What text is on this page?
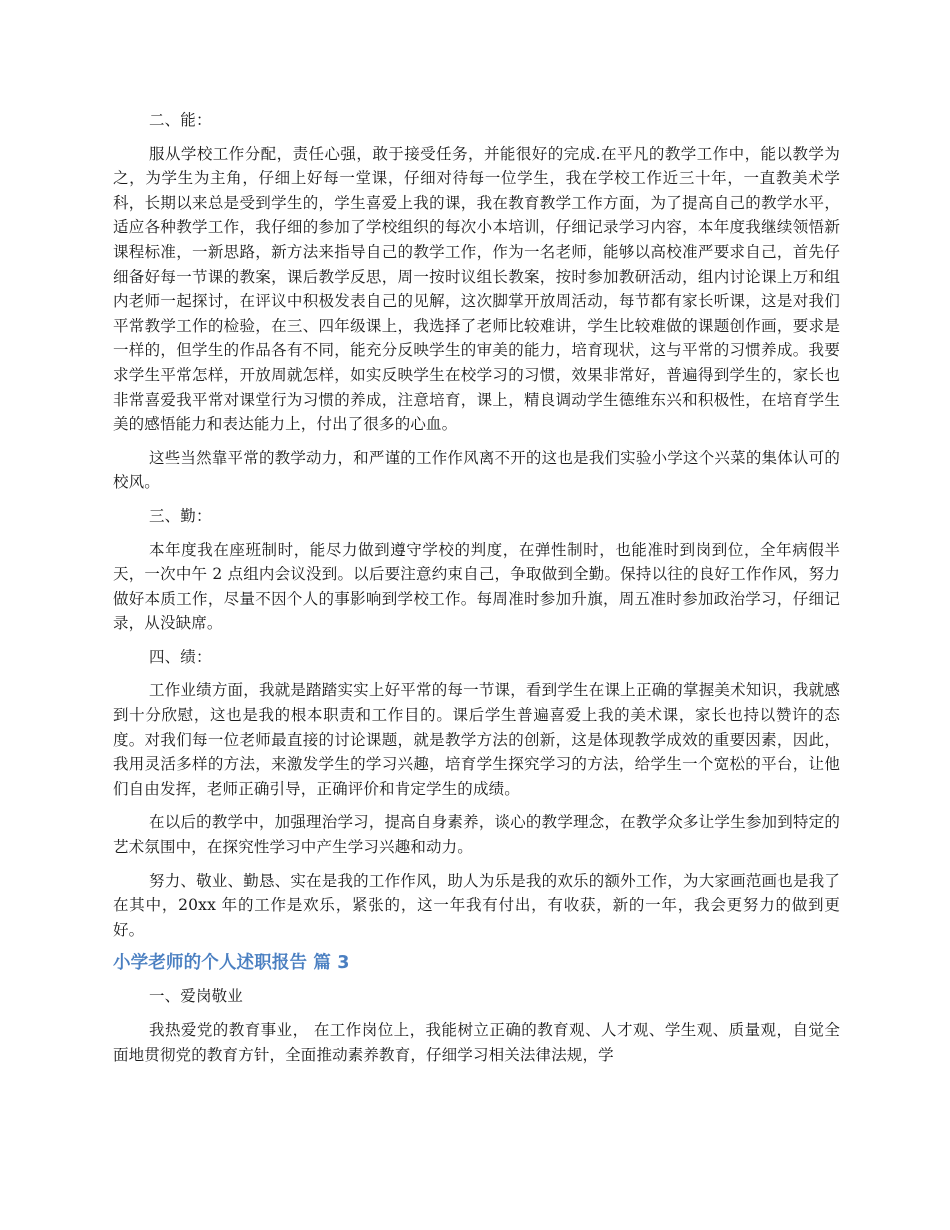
二、能：

服从学校工作分配，责任心强，敢于接受任务，并能很好的完成.在平凡的教学工作中，能以教学为之，为学生为主角，仔细上好每一堂课，仔细对待每一位学生，我在学校工作近三十年，一直教美术学科，长期以来总是受到学生的，学生喜爱上我的课，我在教育教学工作方面，为了提高自己的教学水平，适应各种教学工作，我仔细的参加了学校组织的每次小本培训，仔细记录学习内容，本年度我继续领悟新课程标准，一新思路，新方法来指导自己的教学工作，作为一名老师，能够以高校准严要求自己，首先仔细备好每一节课的教案，课后教学反思，周一按时议组长教案，按时参加教研活动，组内讨论课上万和组内老师一起探讨，在评议中积极发表自己的见解，这次脚掌开放周活动，每节都有家长听课，这是对我们平常教学工作的检验，在三、四年级课上，我选择了老师比较难讲，学生比较难做的课题创作画，要求是一样的，但学生的作品各有不同，能充分反映学生的审美的能力，培育现状，这与平常的习惯养成。我要求学生平常怎样，开放周就怎样，如实反映学生在校学习的习惯，效果非常好，普遍得到学生的，家长也非常喜爱我平常对课堂行为习惯的养成，注意培育，课上，精良调动学生德维东兴和积极性，在培育学生美的感悟能力和表达能力上，付出了很多的心血。

这些当然靠平常的教学动力，和严谨的工作作风离不开的这也是我们实验小学这个兴菜的集体认可的校风。

三、勤：

本年度我在座班制时，能尽力做到遵守学校的判度，在弹性制时，也能准时到岗到位，全年病假半天，一次中午 2 点组内会议没到。以后要注意约束自己，争取做到全勤。保持以往的良好工作作风，努力做好本质工作，尽量不因个人的事影响到学校工作。每周准时参加升旗，周五准时参加政治学习，仔细记录，从没缺席。

四、绩：

工作业绩方面，我就是踏踏实实上好平常的每一节课，看到学生在课上正确的掌握美术知识，我就感到十分欣慰，这也是我的根本职责和工作目的。课后学生普遍喜爱上我的美术课，家长也持以赞许的态度。对我们每一位老师最直接的讨论课题，就是教学方法的创新，这是体现教学成效的重要因素，因此，我用灵活多样的方法，来激发学生的学习兴趣，培育学生探究学习的方法，给学生一个宽松的平台，让他们自由发挥，老师正确引导，正确评价和肯定学生的成绩。

在以后的教学中，加强理治学习，提高自身素养，谈心的教学理念，在教学众多让学生参加到特定的艺术氛围中，在探究性学习中产生学习兴趣和动力。

努力、敬业、勤恳、实在是我的工作作风，助人为乐是我的欢乐的额外工作，为大家画范画也是我了在其中，20xx 年的工作是欢乐，紧张的，这一年我有付出，有收获，新的一年，我会更努力的做到更好。

小学老师的个人述职报告 篇 3

一、爱岗敬业

我热爱党的教育事业， 在工作岗位上，我能树立正确的教育观、人才观、学生观、质量观，自觉全面地贯彻党的教育方针，全面推动素养教育，仔细学习相关法律法规，学
